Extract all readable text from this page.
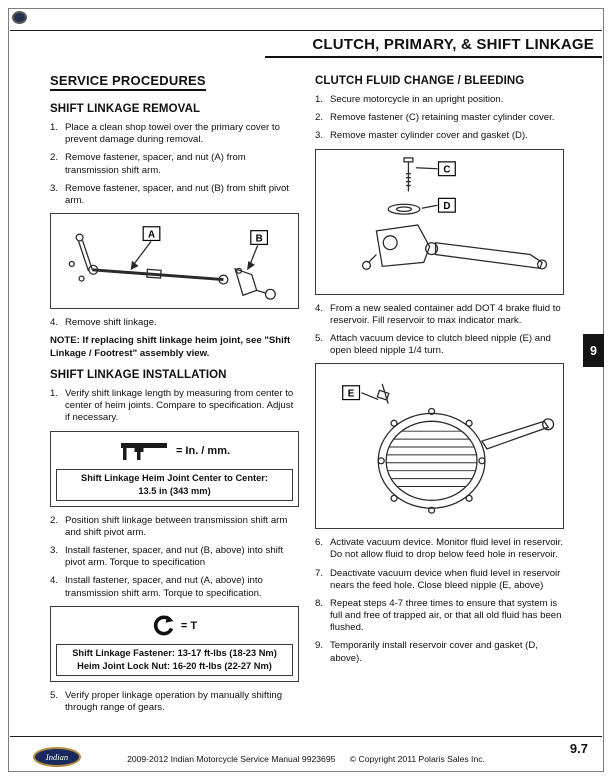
CLUTCH, PRIMARY, & SHIFT LINKAGE
SERVICE PROCEDURES
SHIFT LINKAGE REMOVAL
1. Place a clean shop towel over the primary cover to prevent damage during removal.
2. Remove fastener, spacer, and nut (A) from transmission shift arm.
3. Remove fastener, spacer, and nut (B) from shift pivot arm.
A	B
4. Remove shift linkage.

NOTE: If replacing shift linkage heim joint, see "Shift Linkage / Footrest" assembly view.

SHIFT LINKAGE INSTALLATION
1. Verify shift linkage length by measuring from center to center of heim joints. Compare to specification. Adjust if necessary.
= In. / mm.
Shift Linkage Heim Joint Center to Center:
13.5 in (343 mm)
2. Position shift linkage between transmission shift arm and shift pivot arm.
3. Install fastener, spacer, and nut (B, above) into shift pivot arm. Torque to specification
4. Install fastener, spacer, and nut (A, above) into transmission shift arm. Torque to specification.
= T
Shift Linkage Fastener: 13-17 ft-lbs (18-23 Nm)
Heim Joint Lock Nut: 16-20 ft-lbs (22-27 Nm)
5. Verify proper linkage operation by manually shifting through range of gears.
CLUTCH FLUID CHANGE / BLEEDING
1. Secure motorcycle in an upright position.
2. Remove fastener (C) retaining master cylinder cover.
3. Remove master cylinder cover and gasket (D).
C
D
4. From a new sealed container add DOT 4 brake fluid to reservoir. Fill reservoir to max indicator mark.
5. Attach vacuum device to clutch bleed nipple (E) and open bleed nipple 1/4 turn.
E
6. Activate vacuum device. Monitor fluid level in reservoir. Do not allow fluid to drop below feed hole in reservoir.
7. Deactivate vacuum device when fluid level in reservoir nears the feed hole. Close bleed nipple (E, above)
8. Repeat steps 4-7 three times to ensure that system is full and free of trapped air, or that all old fluid has been flushed.
9. Temporarily install reservoir cover and gasket (D, above).
9
9.7
Indian	2009-2012 Indian Motorcycle Service Manual 9923695 © Copyright 2011 Polaris Sales Inc.
